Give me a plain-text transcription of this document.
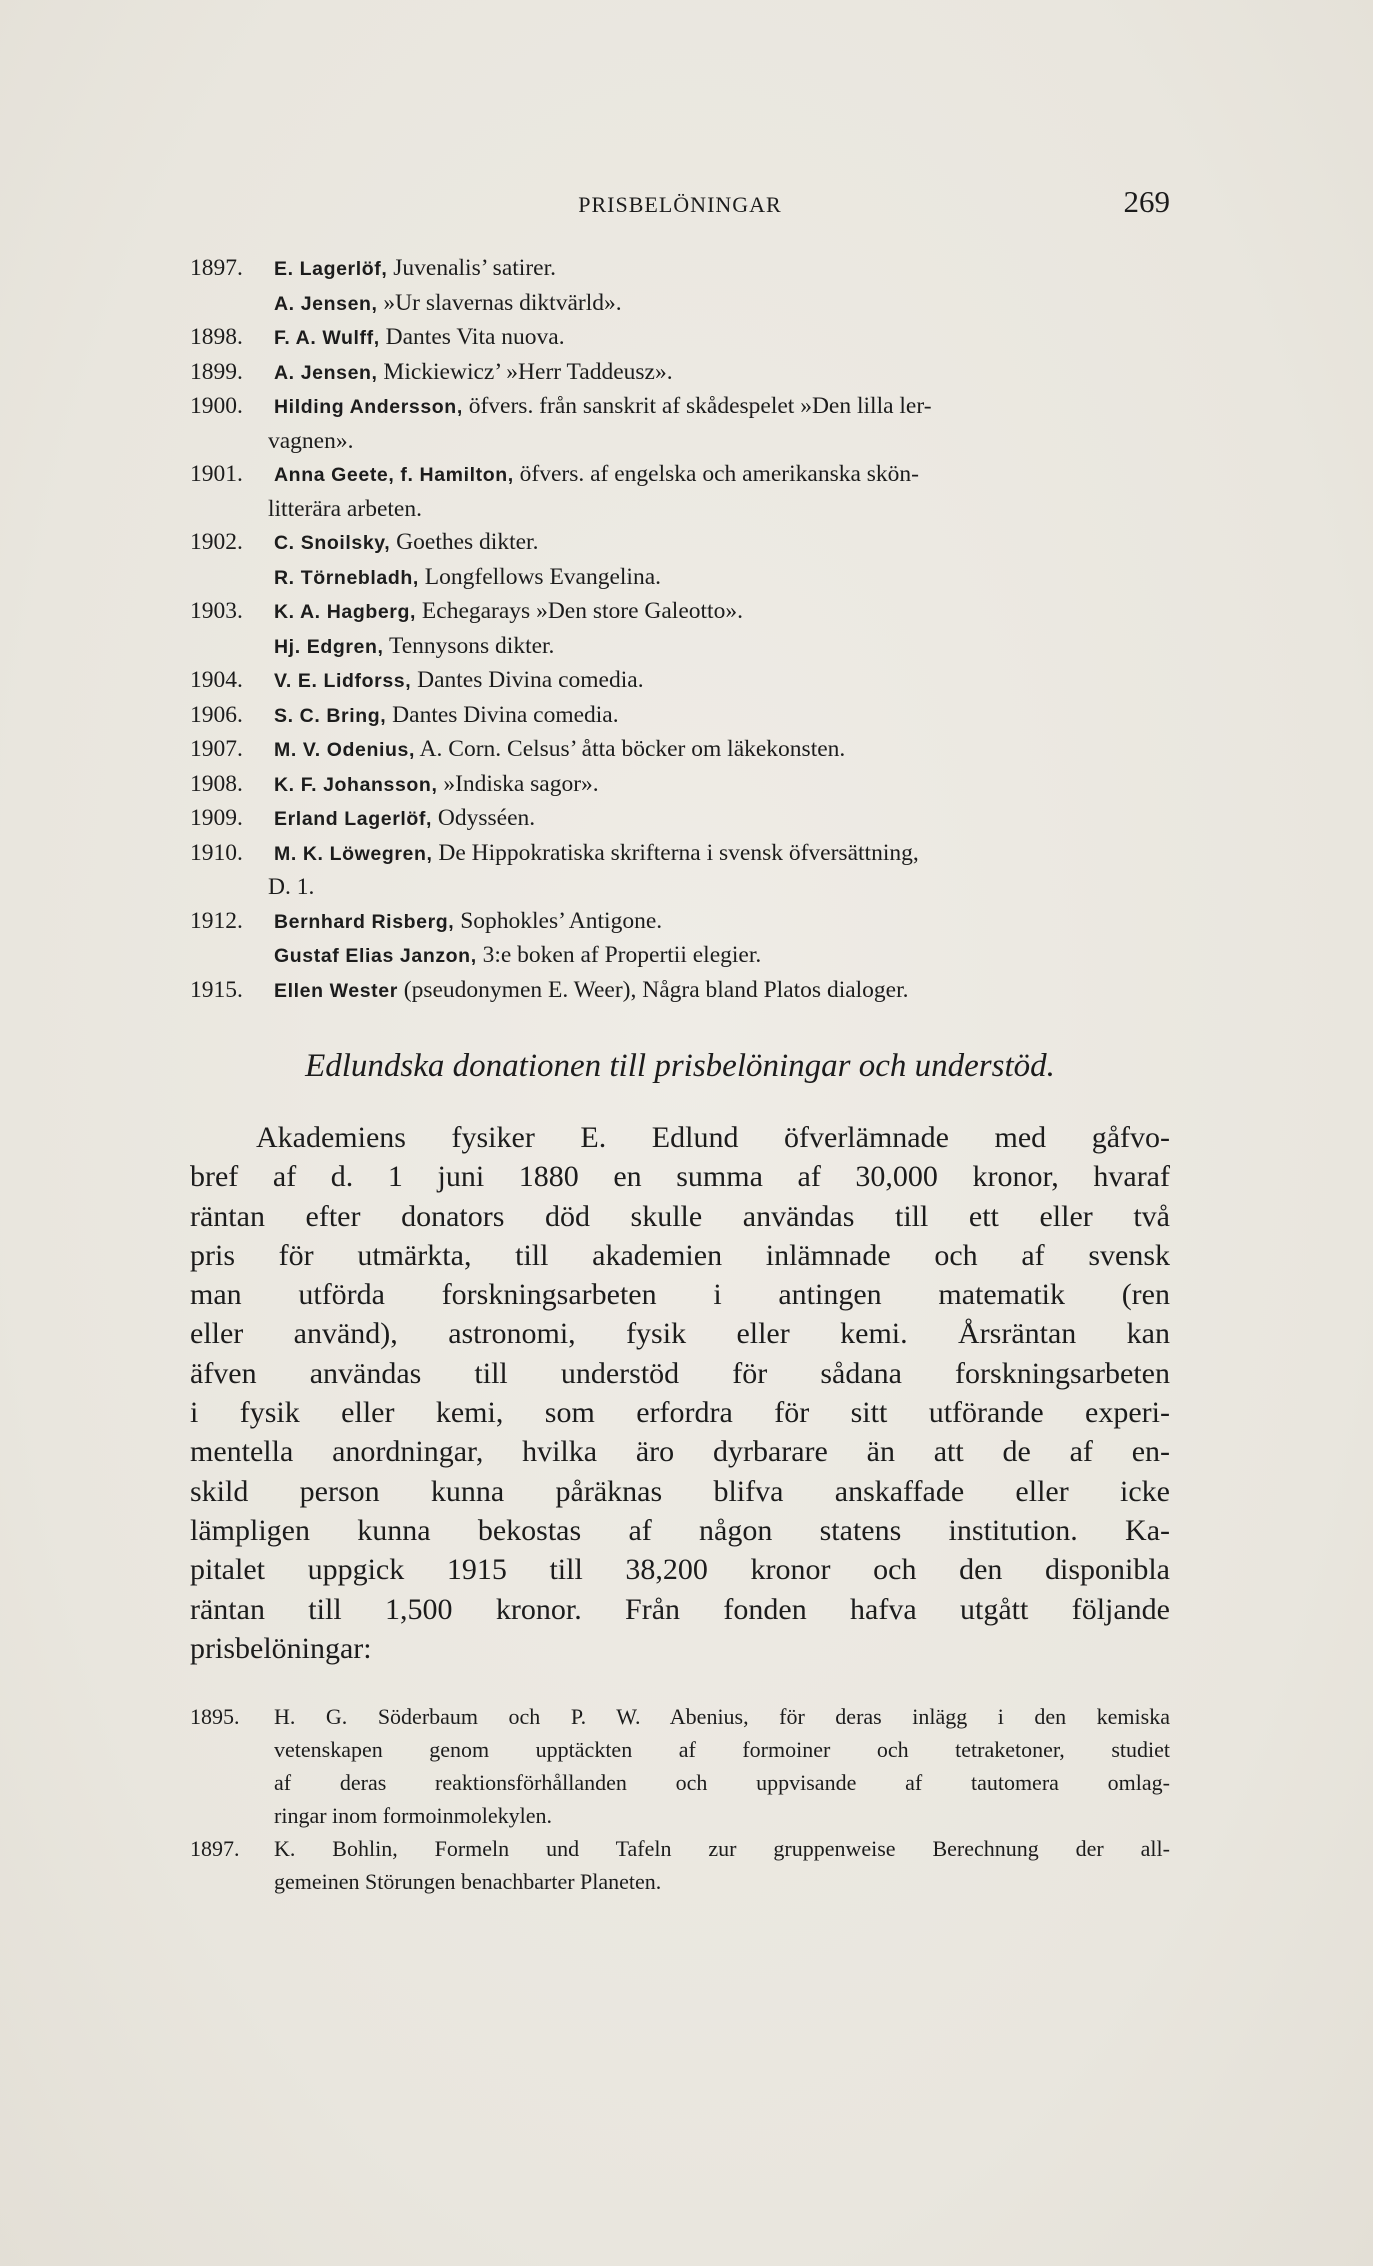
PRISBELÖNINGAR	269
1897.	E. Lagerlöf, Juvenalis’ satirer.
A. Jensen, »Ur slavernas diktvärld».
1898.	F. A. Wulff, Dantes Vita nuova.
1899.	A. Jensen, Mickiewicz’ »Herr Taddeusz».
1900.	Hilding Andersson, öfvers. från sanskrit af skådespelet »Den lilla ler-
vagnen».
1901.	Anna Geete, f. Hamilton, öfvers. af engelska och amerikanska skön-
litterära arbeten.
1902.	C. Snoilsky, Goethes dikter.
R. Törnebladh, Longfellows Evangelina.
1903.	K. A. Hagberg, Echegarays »Den store Galeotto».
Hj. Edgren, Tennysons dikter.
1904.	V. E. Lidforss, Dantes Divina comedia.
1906.	S. C. Bring, Dantes Divina comedia.
1907.	M. V. Odenius, A. Corn. Celsus’ åtta böcker om läkekonsten.
1908.	K. F. Johansson, »Indiska sagor».
1909.	Erland Lagerlöf, Odysséen.
1910.	M. K. Löwegren, De Hippokratiska skrifterna i svensk öfversättning,
D. 1.
1912.	Bernhard Risberg, Sophokles’ Antigone.
Gustaf Elias Janzon, 3:e boken af Propertii elegier.
1915.	Ellen Wester (pseudonymen E. Weer), Några bland Platos dialoger.
Edlundska donationen till prisbelöningar och understöd.
Akademiens fysiker E. Edlund öfverlämnade med gåfvo-
bref af d. 1 juni 1880 en summa af 30,000 kronor, hvaraf
räntan efter donators död skulle användas till ett eller två
pris för utmärkta, till akademien inlämnade och af svensk
man utförda forskningsarbeten i antingen matematik (ren
eller använd), astronomi, fysik eller kemi. Årsräntan kan
äfven användas till understöd för sådana forskningsarbeten
i fysik eller kemi, som erfordra för sitt utförande experi-
mentella anordningar, hvilka äro dyrbarare än att de af en-
skild person kunna påräknas blifva anskaffade eller icke
lämpligen kunna bekostas af någon statens institution. Ka-
pitalet uppgick 1915 till 38,200 kronor och den disponibla
räntan till 1,500 kronor. Från fonden hafva utgått följande
prisbelöningar:
1895.	H. G. Söderbaum och P. W. Abenius, för deras inlägg i den kemiska
vetenskapen genom upptäckten af formoiner och tetraketoner, studiet
af deras reaktionsförhållanden och uppvisande af tautomera omlag-
ringar inom formoinmolekylen.
1897.	K. Bohlin, Formeln und Tafeln zur gruppenweise Berechnung der all-
gemeinen Störungen benachbarter Planeten.
